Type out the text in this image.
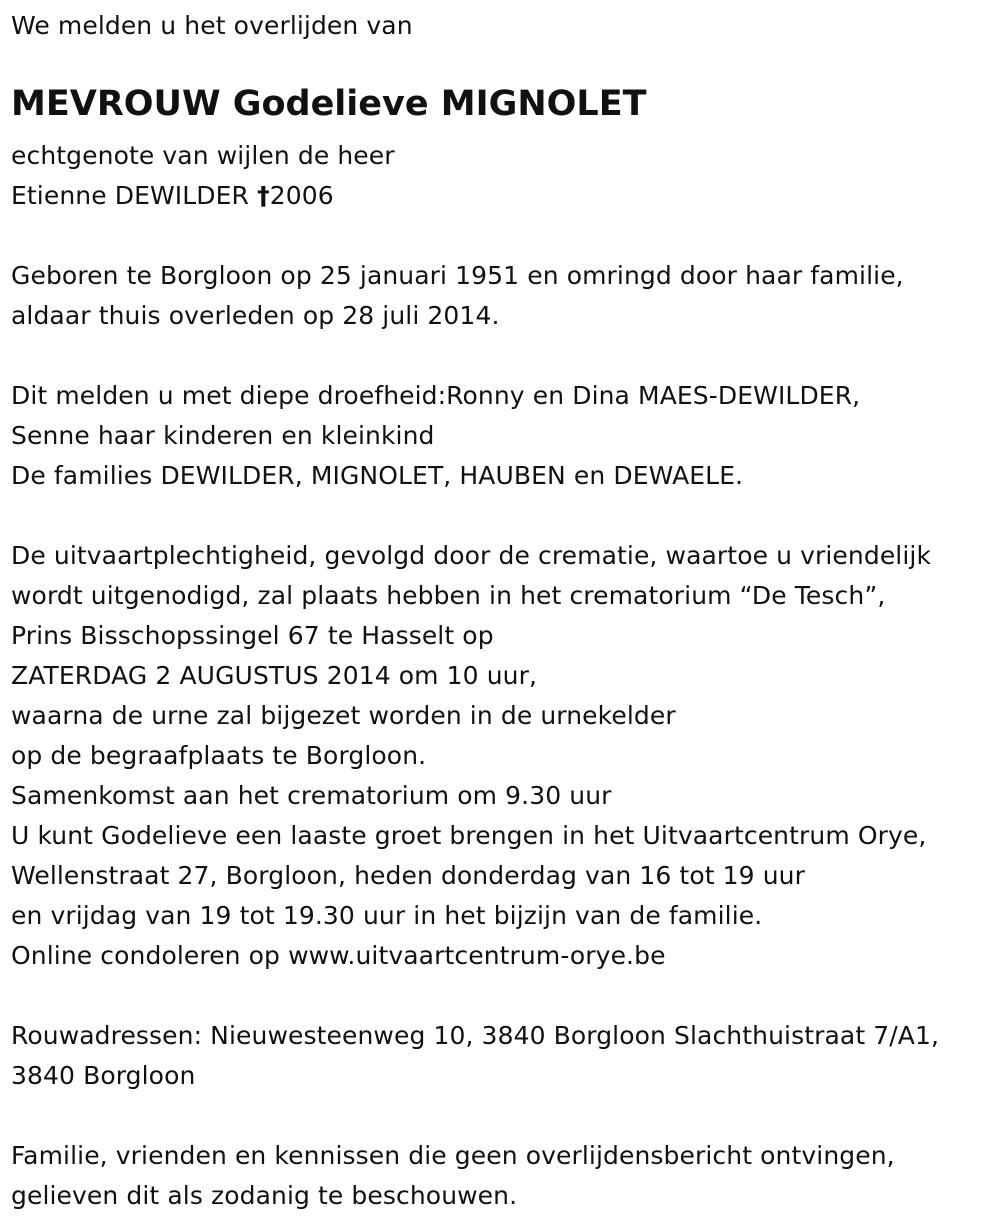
We melden u het overlijden van
MEVROUW Godelieve MIGNOLET
echtgenote van wijlen de heer
Etienne DEWILDER †2006
Geboren te Borgloon op 25 januari 1951 en omringd door haar familie,
aldaar thuis overleden op 28 juli 2014.
Dit melden u met diepe droefheid:Ronny en Dina MAES-DEWILDER,
Senne haar kinderen en kleinkind
De families DEWILDER, MIGNOLET, HAUBEN en DEWAELE.
De uitvaartplechtigheid, gevolgd door de crematie, waartoe u vriendelijk
wordt uitgenodigd, zal plaats hebben in het crematorium “De Tesch”,
Prins Bisschopssingel 67 te Hasselt op
ZATERDAG 2 AUGUSTUS 2014 om 10 uur,
waarna de urne zal bijgezet worden in de urnekelder
op de begraafplaats te Borgloon.
Samenkomst aan het crematorium om 9.30 uur
U kunt Godelieve een laaste groet brengen in het Uitvaartcentrum Orye,
Wellenstraat 27, Borgloon, heden donderdag van 16 tot 19 uur
en vrijdag van 19 tot 19.30 uur in het bijzijn van de familie.
Online condoleren op www.uitvaartcentrum-orye.be
Rouwadressen: Nieuwesteenweg 10, 3840 Borgloon Slachthuistraat 7/A1,
3840 Borgloon
Familie, vrienden en kennissen die geen overlijdensbericht ontvingen,
gelieven dit als zodanig te beschouwen.
